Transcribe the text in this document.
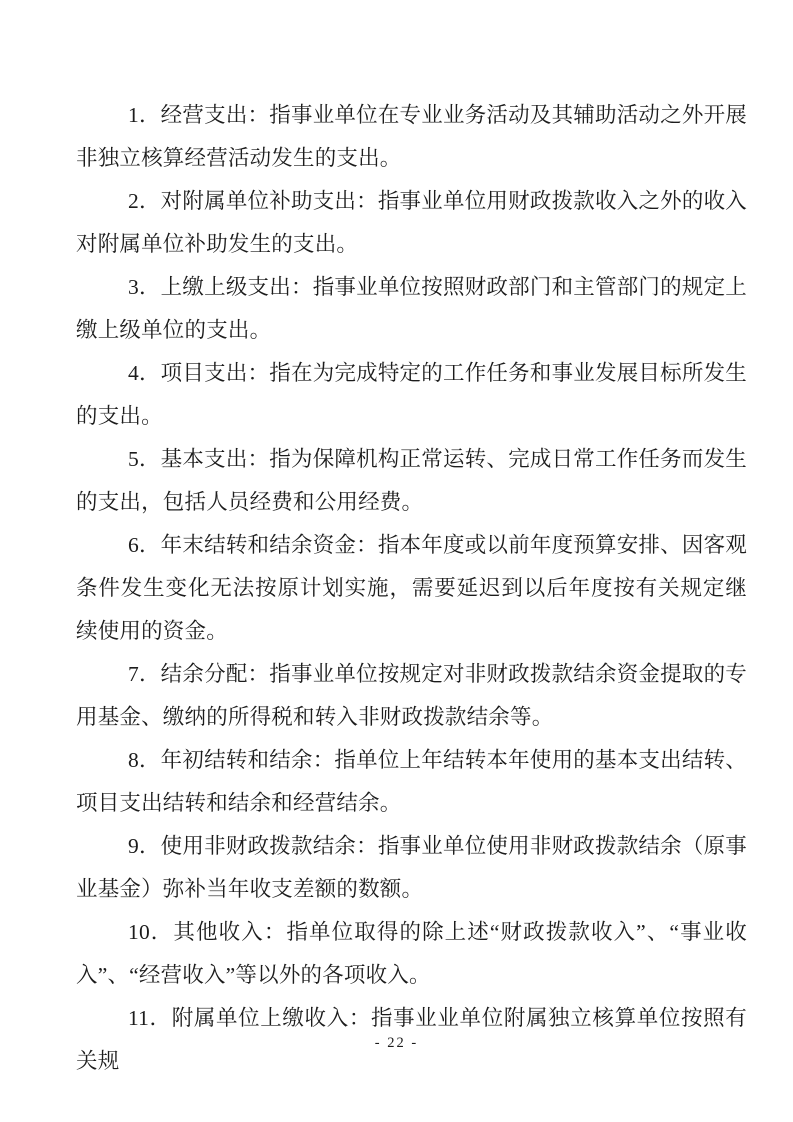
1．经营支出：指事业单位在专业业务活动及其辅助活动之外开展非独立核算经营活动发生的支出。

2．对附属单位补助支出：指事业单位用财政拨款收入之外的收入对附属单位补助发生的支出。

3．上缴上级支出：指事业单位按照财政部门和主管部门的规定上缴上级单位的支出。

4．项目支出：指在为完成特定的工作任务和事业发展目标所发生的支出。

5．基本支出：指为保障机构正常运转、完成日常工作任务而发生的支出，包括人员经费和公用经费。

6．年末结转和结余资金：指本年度或以前年度预算安排、因客观条件发生变化无法按原计划实施，需要延迟到以后年度按有关规定继续使用的资金。

7．结余分配：指事业单位按规定对非财政拨款结余资金提取的专用基金、缴纳的所得税和转入非财政拨款结余等。

8．年初结转和结余：指单位上年结转本年使用的基本支出结转、项目支出结转和结余和经营结余。

9．使用非财政拨款结余：指事业单位使用非财政拨款结余（原事业基金）弥补当年收支差额的数额。

10．其他收入：指单位取得的除上述“财政拨款收入”、“事业收入”、“经营收入”等以外的各项收入。

11．附属单位上缴收入：指事业业单位附属独立核算单位按照有关规

- 22 -
